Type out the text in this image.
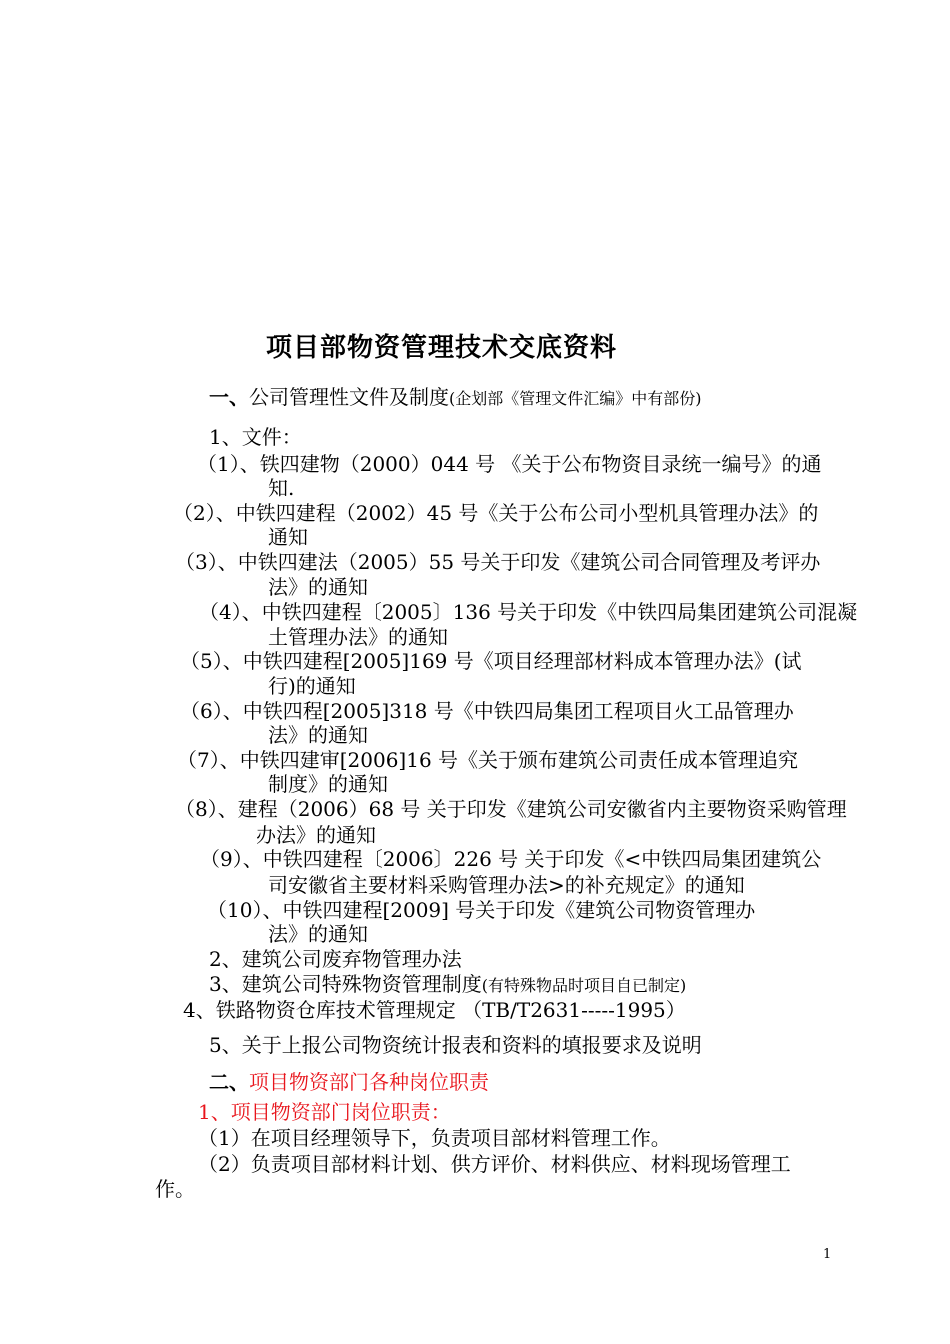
项目部物资管理技术交底资料
一、公司管理性文件及制度(企划部《管理文件汇编》中有部份)
1、文件：
（1）、铁四建物（2000）044 号 《关于公布物资目录统一编号》的通
知.
（2）、中铁四建程（2002）45 号《关于公布公司小型机具管理办法》的
通知
（3）、中铁四建法（2005）55 号关于印发《建筑公司合同管理及考评办
法》的通知
（4）、中铁四建程〔2005〕136 号关于印发《中铁四局集团建筑公司混凝
土管理办法》的通知
（5）、中铁四建程[2005]169 号《项目经理部材料成本管理办法》(试
行)的通知
（6）、中铁四程[2005]318 号《中铁四局集团工程项目火工品管理办
法》的通知
（7）、中铁四建审[2006]16 号《关于颁布建筑公司责任成本管理追究
制度》的通知
（8）、建程（2006）68 号 关于印发《建筑公司安徽省内主要物资采购管理
办法》的通知
（9）、中铁四建程〔2006〕226 号 关于印发《<中铁四局集团建筑公
司安徽省主要材料采购管理办法>的补充规定》的通知
（10）、中铁四建程[2009] 号关于印发《建筑公司物资管理办
法》的通知
2、建筑公司废弃物管理办法
3、建筑公司特殊物资管理制度(有特殊物品时项目自已制定)
4、铁路物资仓库技术管理规定 （TB/T2631-----1995）
5、关于上报公司物资统计报表和资料的填报要求及说明
二、项目物资部门各种岗位职责
1、项目物资部门岗位职责：
（1）在项目经理领导下，负责项目部材料管理工作。
（2）负责项目部材料计划、供方评价、材料供应、材料现场管理工
作。
1
